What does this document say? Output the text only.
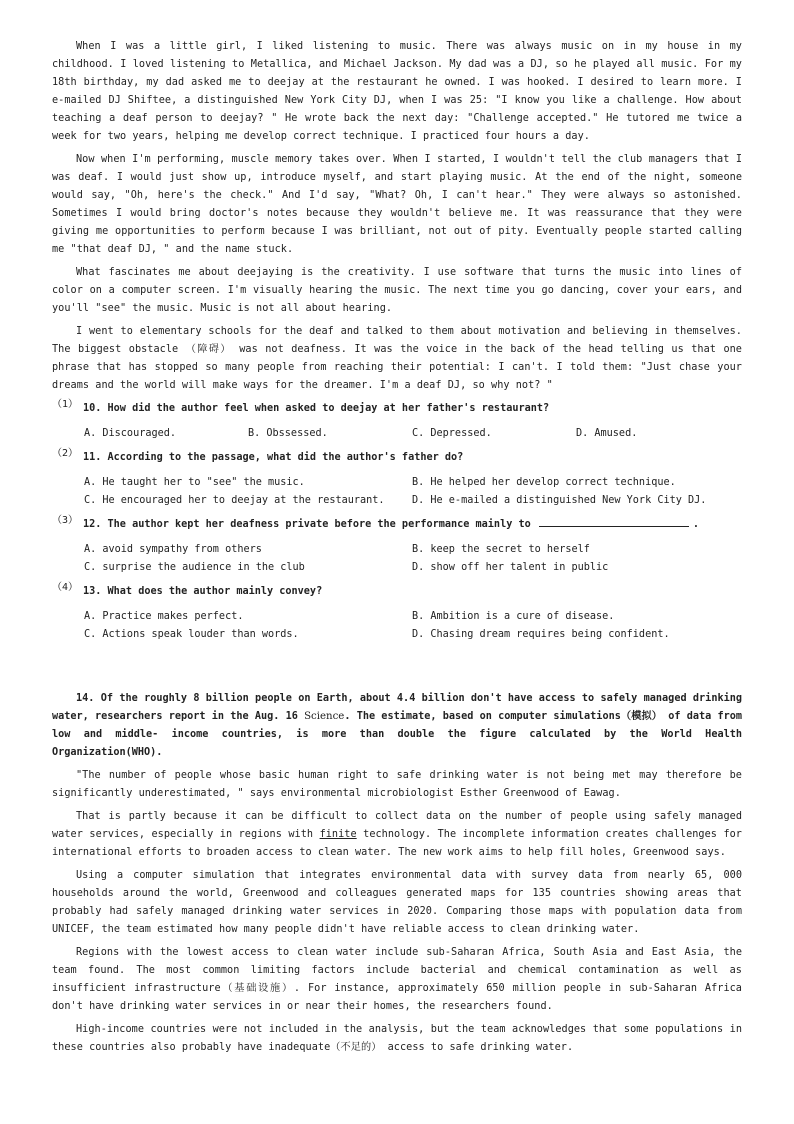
When I was a little girl, I liked listening to music. There was always music on in my house in my childhood. I loved listening to Metallica, and Michael Jackson. My dad was a DJ, so he played all music. For my 18th birthday, my dad asked me to deejay at the restaurant he owned. I was hooked. I desired to learn more. I e-mailed DJ Shiftee, a distinguished New York City DJ, when I was 25: "I know you like a challenge. How about teaching a deaf person to deejay? " He wrote back the next day: "Challenge accepted." He tutored me twice a week for two years, helping me develop correct technique. I practiced four hours a day.

Now when I'm performing, muscle memory takes over. When I started, I wouldn't tell the club managers that I was deaf. I would just show up, introduce myself, and start playing music. At the end of the night, someone would say, "Oh, here's the check." And I'd say, "What? Oh, I can't hear." They were always so astonished. Sometimes I would bring doctor's notes because they wouldn't believe me. It was reassurance that they were giving me opportunities to perform because I was brilliant, not out of pity. Eventually people started calling me "that deaf DJ, " and the name stuck.

What fascinates me about deejaying is the creativity. I use software that turns the music into lines of color on a computer screen. I'm visually hearing the music. The next time you go dancing, cover your ears, and you'll "see" the music. Music is not all about hearing.

I went to elementary schools for the deaf and talked to them about motivation and believing in themselves. The biggest obstacle （障碍） was not deafness. It was the voice in the back of the head telling us that one phrase that has stopped so many people from reaching their potential: I can't. I told them: "Just chase your dreams and the world will make ways for the dreamer. I'm a deaf DJ, so why not? "

（1） 10. How did the author feel when asked to deejay at her father's restaurant?
A. Discouraged.	B. Obssessed.	C. Depressed.	D. Amused.
（2） 11. According to the passage, what did the author's father do?
A. He taught her to "see" the music.	B. He helped her develop correct technique.
C. He encouraged her to deejay at the restaurant.	D. He e-mailed a distinguished New York City DJ.
（3） 12. The author kept her deafness private before the performance mainly to	.
A. avoid sympathy from others	B. keep the secret to herself
C. surprise the audience in the club	D. show off her talent in public
（4） 13. What does the author mainly convey?
A. Practice makes perfect.	B. Ambition is a cure of disease.
C. Actions speak louder than words.	D. Chasing dream requires being confident.

14. Of the roughly 8 billion people on Earth, about 4.4 billion don't have access to safely managed drinking water, researchers report in the Aug. 16 Science. The estimate, based on computer simulations（模拟） of data from low and middle- income countries, is more than double the figure calculated by the World Health Organization(WHO).

"The number of people whose basic human right to safe drinking water is not being met may therefore be significantly underestimated, " says environmental microbiologist Esther Greenwood of Eawag.

That is partly because it can be difficult to collect data on the number of people using safely managed water services, especially in regions with finite technology. The incomplete information creates challenges for international efforts to broaden access to clean water. The new work aims to help fill holes, Greenwood says.

Using a computer simulation that integrates environmental data with survey data from nearly 65, 000 households around the world, Greenwood and colleagues generated maps for 135 countries showing areas that probably had safely managed drinking water services in 2020. Comparing those maps with population data from UNICEF, the team estimated how many people didn't have reliable access to clean drinking water.

Regions with the lowest access to clean water include sub-Saharan Africa, South Asia and East Asia, the team found. The most common limiting factors include bacterial and chemical contamination as well as insufficient infrastructure（基础设施）. For instance, approximately 650 million people in sub-Saharan Africa don't have drinking water services in or near their homes, the researchers found.

High-income countries were not included in the analysis, but the team acknowledges that some populations in these countries also probably have inadequate（不足的） access to safe drinking water.
